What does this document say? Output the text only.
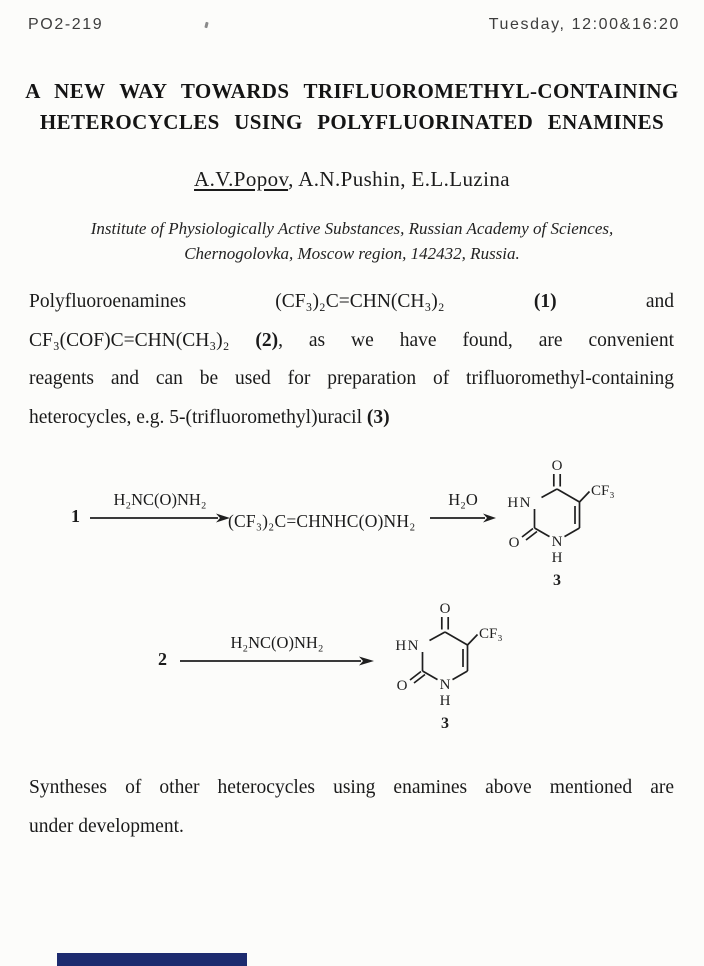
PO2-219	Tuesday, 12:00&16:20
A NEW WAY TOWARDS TRIFLUOROMETHYL-CONTAINING
HETEROCYCLES USING POLYFLUORINATED ENAMINES
A.V.Popov, A.N.Pushin, E.L.Luzina
Institute of Physiologically Active Substances, Russian Academy of Sciences,
Chernogolovka, Moscow region, 142432, Russia.
Polyfluoroenamines	(CF₃)₂C=CHN(CH₃)₂	(1)	and
CF₃(COF)C=CHN(CH₃)₂ (2), as we have found, are convenient
reagents and can be used for preparation of trifluoromethyl-containing
heterocycles, e.g. 5-(trifluoromethyl)uracil (3)
1
H₂NC(O)NH₂
(CF₃)₂C=CHNHC(O)NH₂
H₂O
O
HN
O N
H
CF₃
3
2
H₂NC(O)NH₂
O
HN
O N
H
CF₃
3
Syntheses of other heterocycles using enamines above mentioned are
under development.
